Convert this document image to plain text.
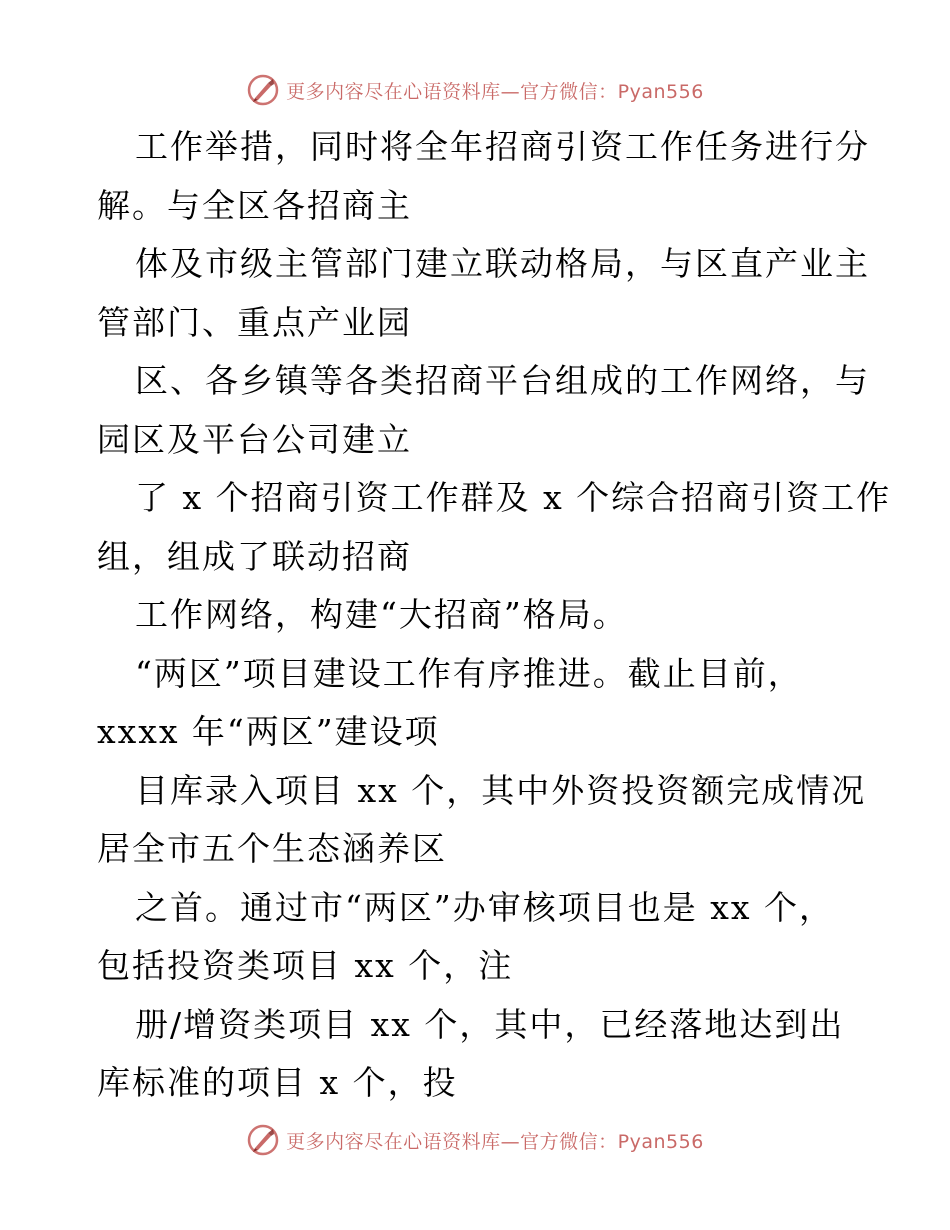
更多内容尽在心语资料库—官方微信：Pyan556
工作举措，同时将全年招商引资工作任务进行分
解。与全区各招商主
体及市级主管部门建立联动格局，与区直产业主
管部门、重点产业园
区、各乡镇等各类招商平台组成的工作网络，与
园区及平台公司建立
了 x 个招商引资工作群及 x 个综合招商引资工作
组，组成了联动招商
工作网络，构建“大招商”格局。
“两区”项目建设工作有序推进。截止目前，
xxxx 年“两区”建设项
目库录入项目 xx 个，其中外资投资额完成情况
居全市五个生态涵养区
之首。通过市“两区”办审核项目也是 xx 个，
包括投资类项目 xx 个，注
册/增资类项目 xx 个，其中，已经落地达到出
库标准的项目 x 个，投
更多内容尽在心语资料库—官方微信：Pyan556
